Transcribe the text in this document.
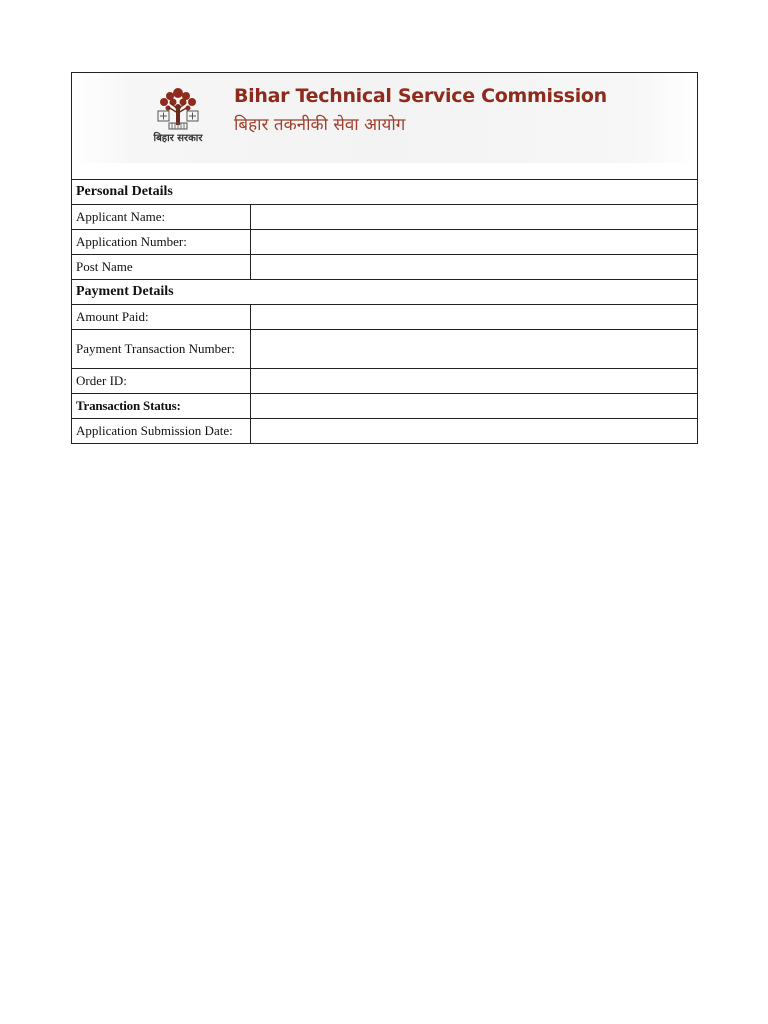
बिहार सरकार
Bihar Technical Service Commission
बिहार तकनीकी सेवा आयोग	

Personal Details	
Applicant Name:	
Application Number:	
Post Name	
Payment Details	
Amount Paid:	
Payment Transaction Number:	
Order ID:	
Transaction Status:	
Application Submission Date:	
